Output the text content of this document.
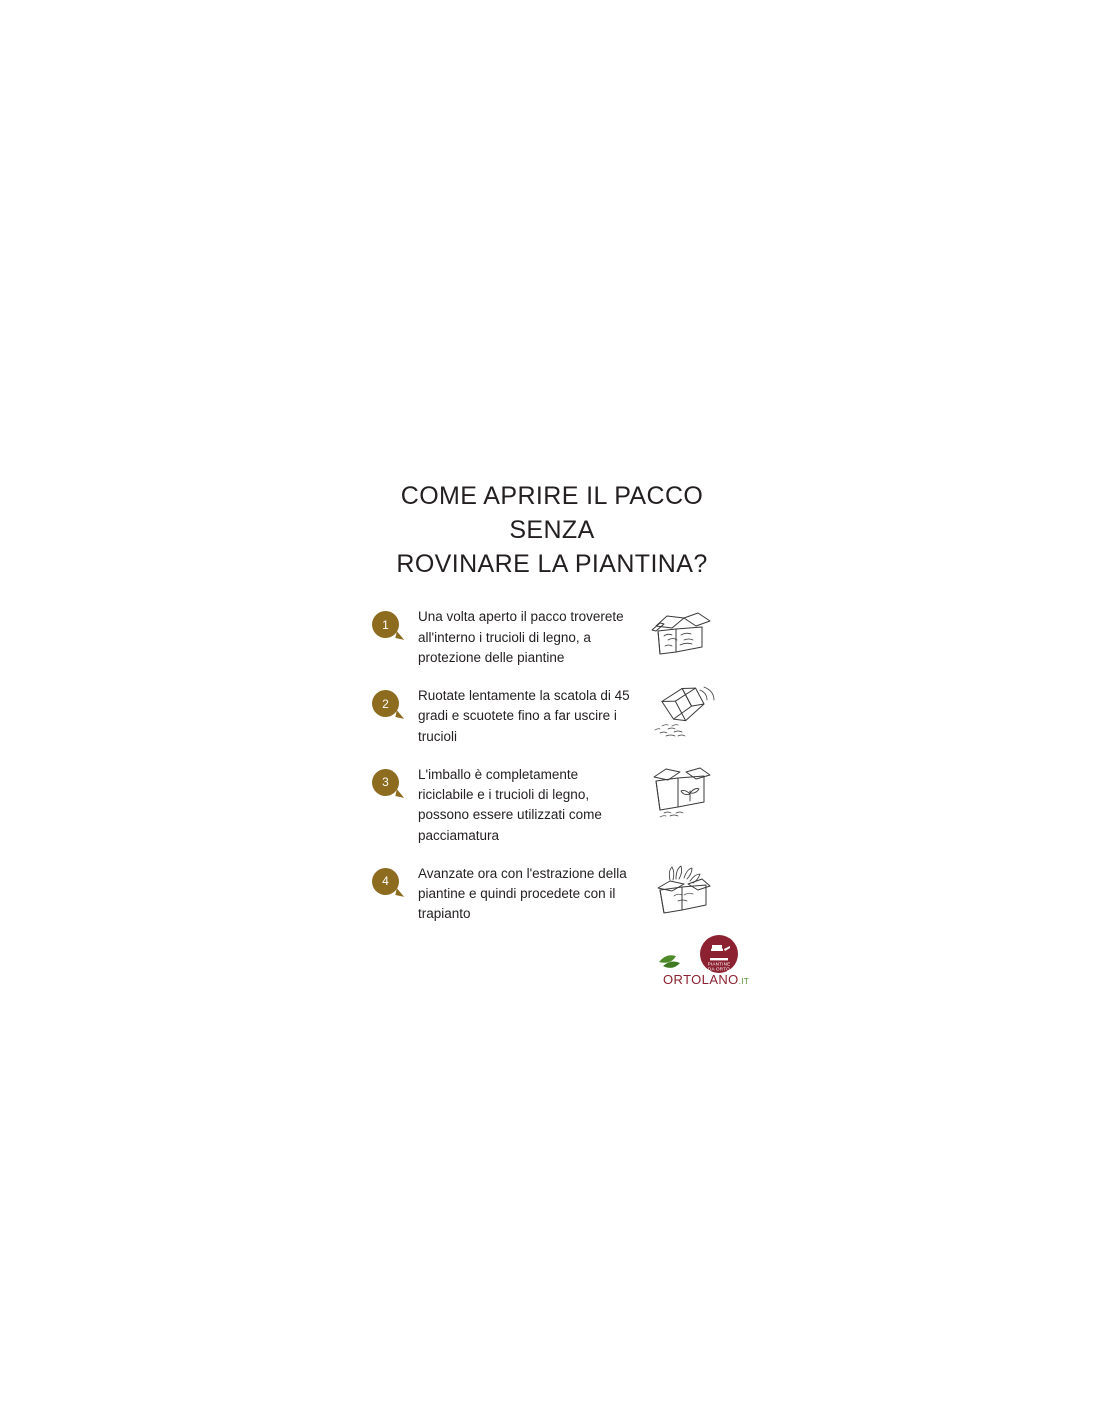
COME APRIRE IL PACCO SENZA
ROVINARE LA PIANTINA?
1
Una volta aperto il pacco troverete all'interno i trucioli di legno, a protezione delle piantine
2
Ruotate lentamente la scatola di 45 gradi e scuotete fino a far uscire i trucioli
3
L'imballo è completamente riciclabile e i trucioli di legno, possono essere utilizzati come pacciamatura
4
Avanzate ora con l'estrazione della piantine e quindi procedete con il trapianto
PIANTINE
DA ORTO
ORTOLANO.IT
